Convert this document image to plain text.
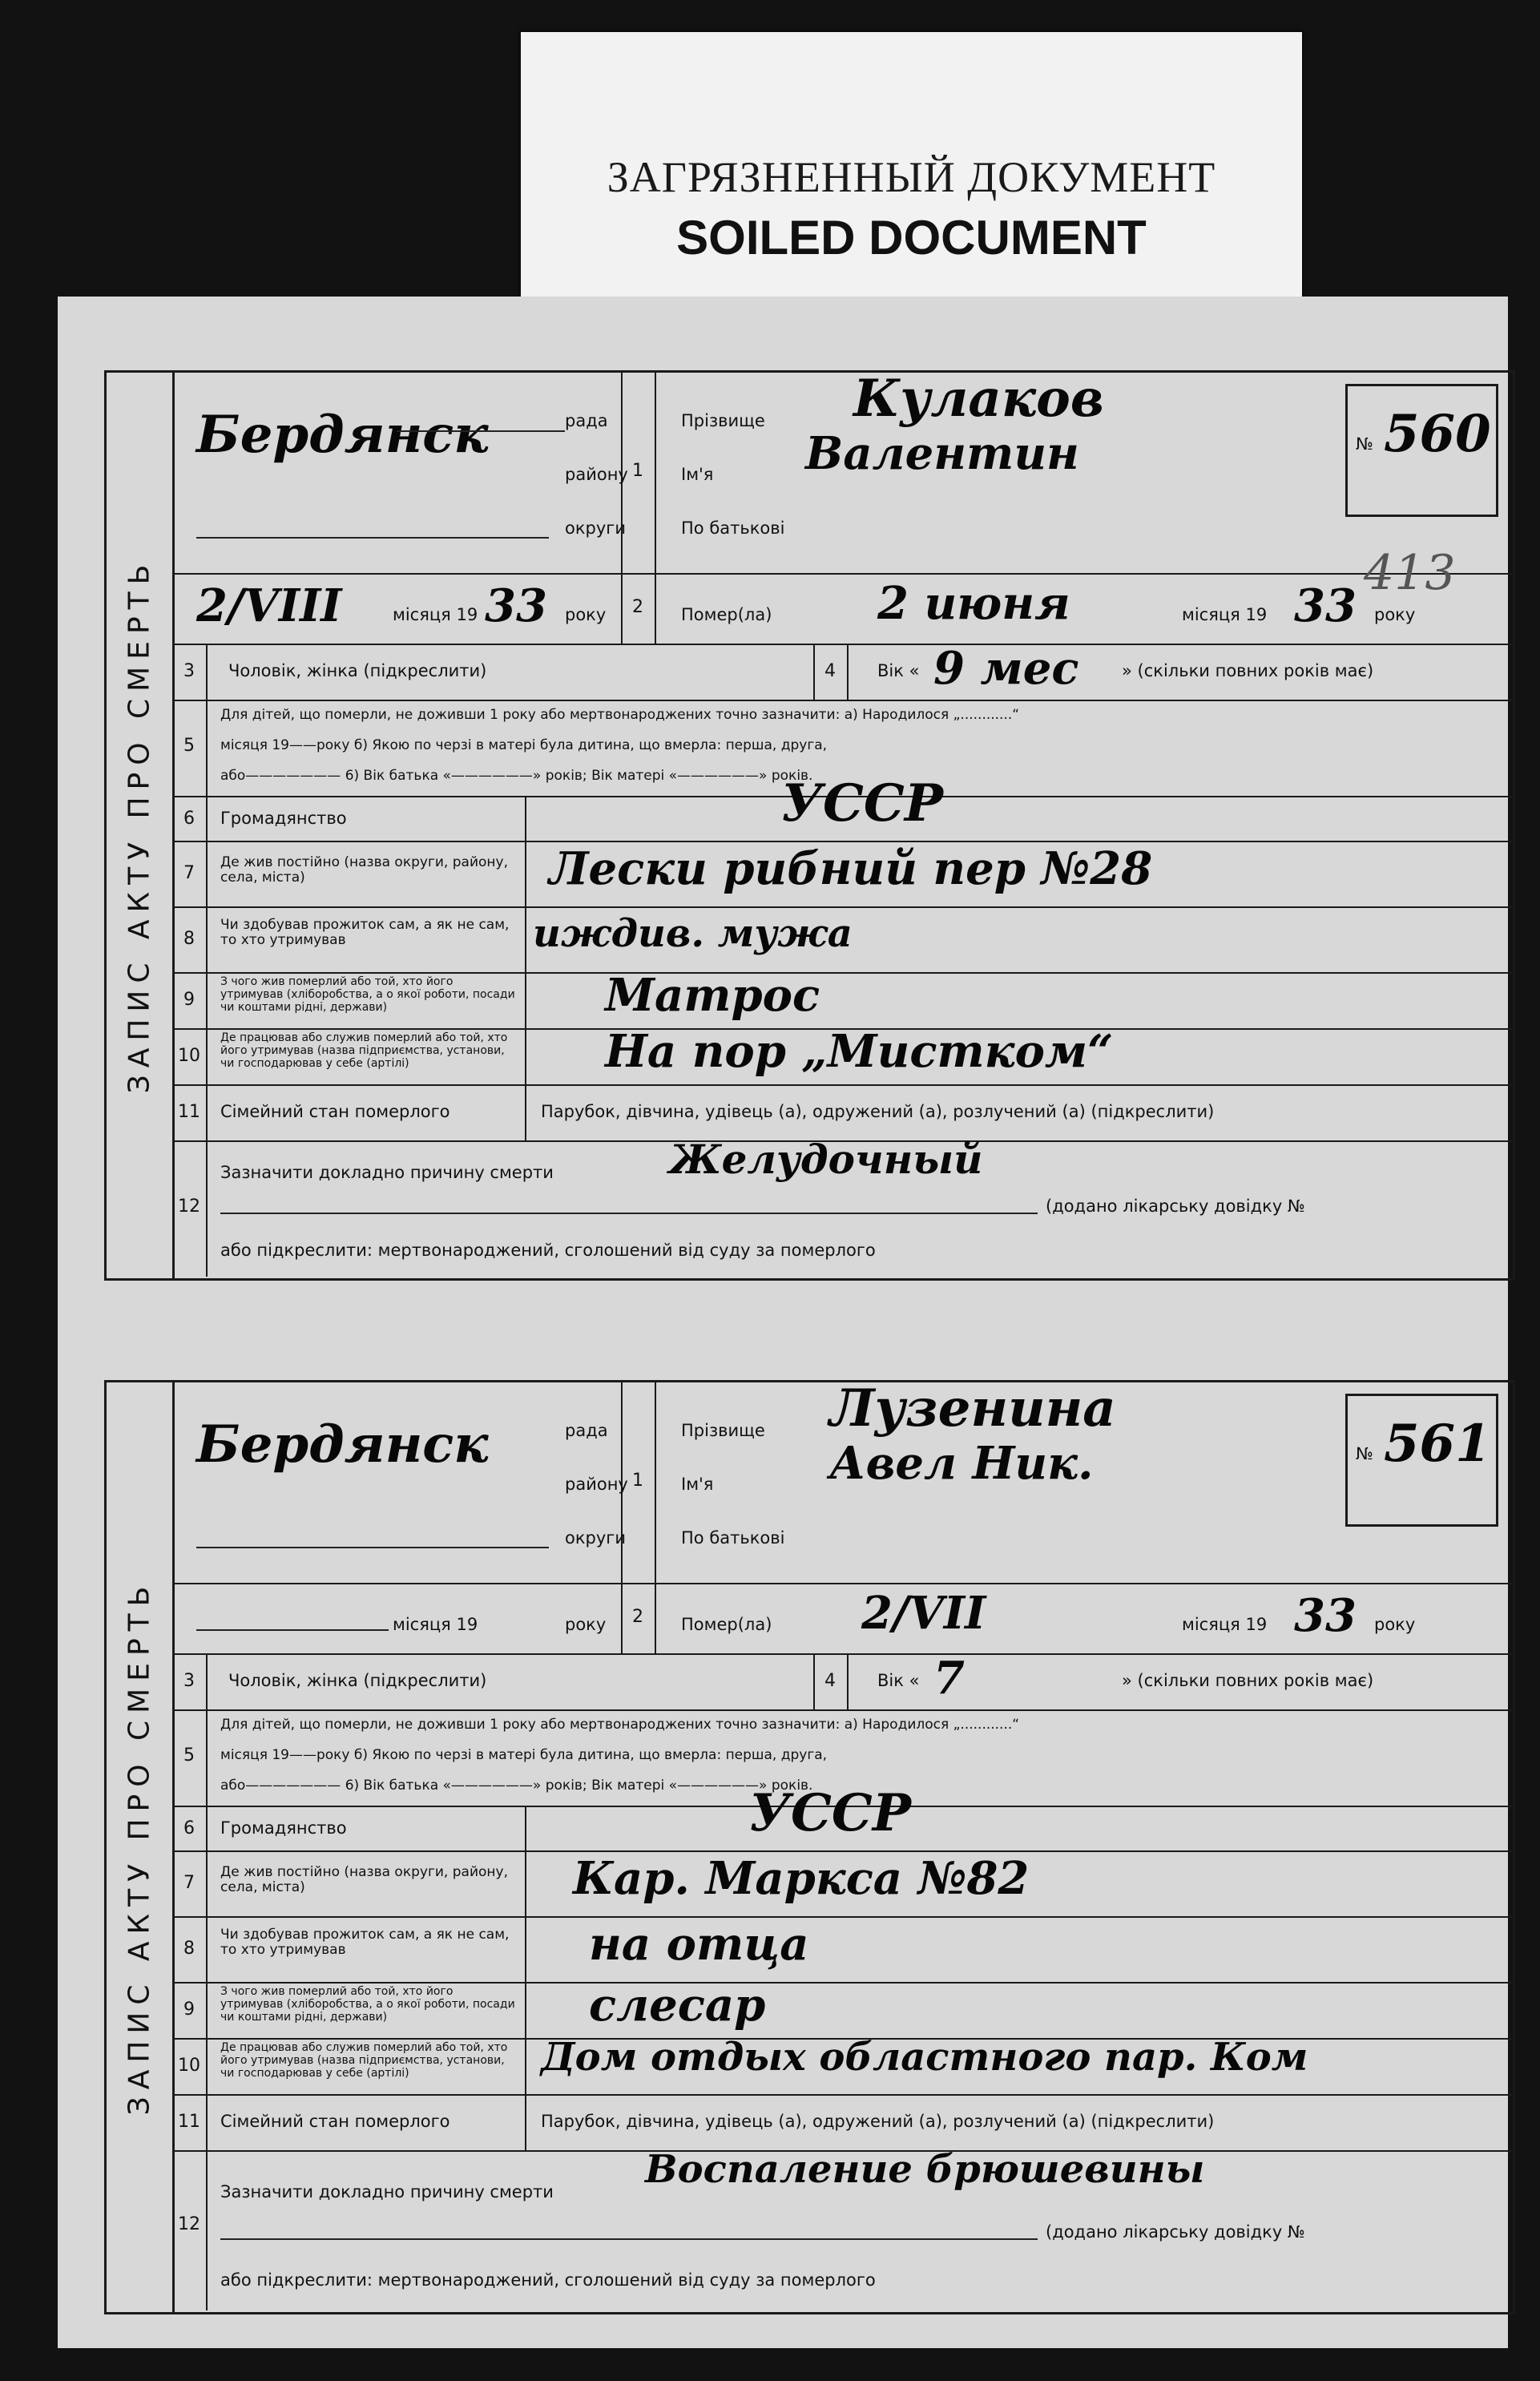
ЗАГРЯЗНЕННЫЙ ДОКУМЕНТ
SOILED DOCUMENT
ЗАПИС АКТУ ПРО СМЕРТЬ
1
Бердянск	рада
району
округи
Прізвище Кулаков
Ім'я Валентин
По батькові
№ 560
2
2/VIII	місяця 19 33 року	Помер(ла) 2 июня	місяця 19 33 року
3	Чоловік, жінка (підкреслити)	4	Вік « 9 мес	» (скільки повних років має)
5
Для дітей, що померли, не доживши 1 року або мертвонароджених точно зазначити: а) Народилося „............“
місяця 19——року б) Якою по черзі в матері була дитина, що вмерла: перша, друга,
або——————— 6) Вік батька «——————» років; Вік матері «——————» років.
6	Громадянство	УССР
7
Де жив постійно (назва округи, району, села, міста)	Лески рибний пер №28
8
Чи здобував прожиток сам, а як не сам, то хто утримував	иждив. мужа
9
З чого жив померлий або той, хто його утримував (хліборобства, а о якої роботи, посади чи коштами рідні, держави)	Матрос
10
Де працював або служив померлий або той, хто його утримував (назва підприємства, установи, чи господарював у себе (артілі)	На пор „Мистком“
11	Сімейний стан померлого	Парубок, дівчина, удівець (а), одружений (а), розлучений (а) (підкреслити)
12
Зазначити докладно причину смерти	Желудочный
(додано лікарську довідку №
або підкреслити: мертвонароджений, сголошений від суду за померлого
413
ЗАПИС АКТУ ПРО СМЕРТЬ
1
Бердянск	рада
району
округи
Прізвище Лузенина
Ім'я	Авел Ник.
По батькові
№ 561
2
місяця 19	року	Помер(ла) 2/VII	місяця 19 33 року
3	Чоловік, жінка (підкреслити)	4	Вік « 7	» (скільки повних років має)
5
Для дітей, що померли, не доживши 1 року або мертвонароджених точно зазначити: а) Народилося „............“
місяця 19——року б) Якою по черзі в матері була дитина, що вмерла: перша, друга,
або——————— 6) Вік батька «——————» років; Вік матері «——————» років.
6	Громадянство	УССР
7
Де жив постійно (назва округи, району, села, міста)	Кар. Маркса №82
8
Чи здобував прожиток сам, а як не сам, то хто утримував	на отца
9
З чого жив померлий або той, хто його утримував (хліборобства, а о якої роботи, посади чи коштами рідні, держави)	слесар
10
Де працював або служив померлий або той, хто його утримував (назва підприємства, установи, чи господарював у себе (артілі)	Дом отдых областного пар. Ком
11	Сімейний стан померлого	Парубок, дівчина, удівець (а), одружений (а), розлучений (а) (підкреслити)
12
Зазначити докладно причину смерти Воспаление брюшевины
(додано лікарську довідку №
або підкреслити: мертвонароджений, сголошений від суду за померлого
